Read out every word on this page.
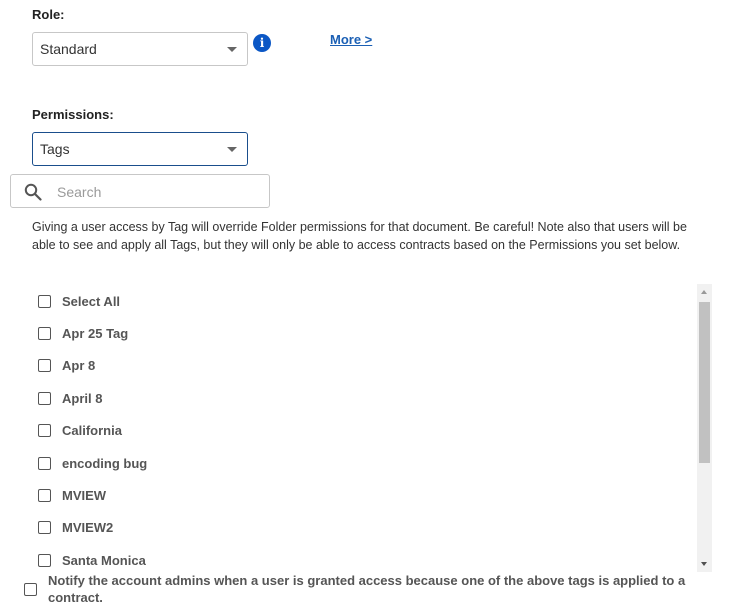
Role:
Standard	i	More >
Permissions:
Tags
Search
Giving a user access by Tag will override Folder permissions for that document. Be careful! Note also that users will be able to see and apply all Tags, but they will only be able to access contracts based on the Permissions you set below.
Select All
Apr 25 Tag
Apr 8
April 8
California
encoding bug
MVIEW
MVIEW2
Santa Monica
Notify the account admins when a user is granted access because one of the above tags is applied to a contract.
